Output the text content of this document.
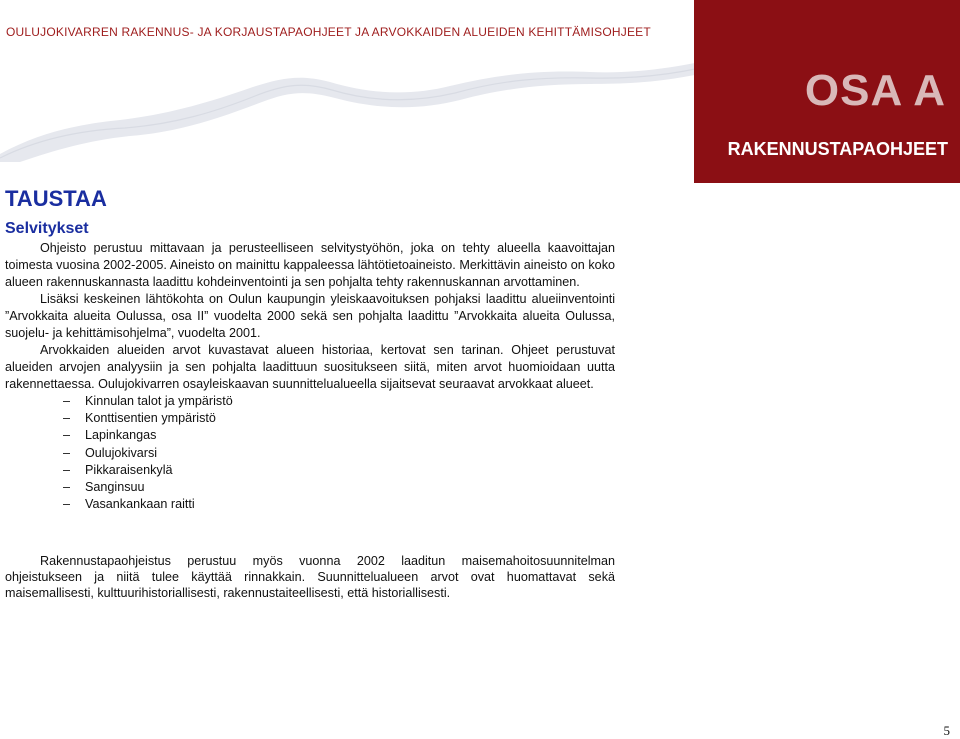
OULUJOKIVARREN RAKENNUS- JA KORJAUSTAPAOHJEET JA ARVOKKAIDEN ALUEIDEN KEHITTÄMISOHJEET
OSA A
RAKENNUSTAPAOHJEET
TAUSTAA
Selvitykset

Ohjeisto perustuu mittavaan ja perusteelliseen selvitystyöhön, joka on tehty alueella kaavoittajan toimesta vuosina 2002-2005. Aineisto on mainittu kappaleessa lähtötietoaineisto. Merkittävin aineisto on koko alueen rakennuskannasta laadittu kohdeinventointi ja sen pohjalta tehty rakennuskannan arvottaminen.

Lisäksi keskeinen lähtökohta on Oulun kaupungin yleiskaavoituksen pohjaksi laadittu alueiinventointi ”Arvokkaita alueita Oulussa, osa II” vuodelta 2000 sekä sen pohjalta laadittu ”Arvokkaita alueita Oulussa, suojelu- ja kehittämisohjelma”, vuodelta 2001.

Arvokkaiden alueiden arvot kuvastavat alueen historiaa, kertovat sen tarinan. Ohjeet perustuvat alueiden arvojen analyysiin ja sen pohjalta laadittuun suositukseen siitä, miten arvot huomioidaan uutta rakennettaessa. Oulujokivarren osayleiskaavan suunnittelualueella sijaitsevat seuraavat arvokkaat alueet.

– Kinnulan talot ja ympäristö
– Konttisentien ympäristö
– Lapinkangas
– Oulujokivarsi
– Pikkaraisenkylä
– Sanginsuu
– Vasankankaan raitti

Rakennustapaohjeistus perustuu myös vuonna 2002 laaditun maisemahoitosuunnitelman ohjeistukseen ja niitä tulee käyttää rinnakkain. Suunnittelualueen arvot ovat huomattavat sekä maisemallisesti, kulttuurihistoriallisesti, rakennustaiteellisesti, että historiallisesti.

5
